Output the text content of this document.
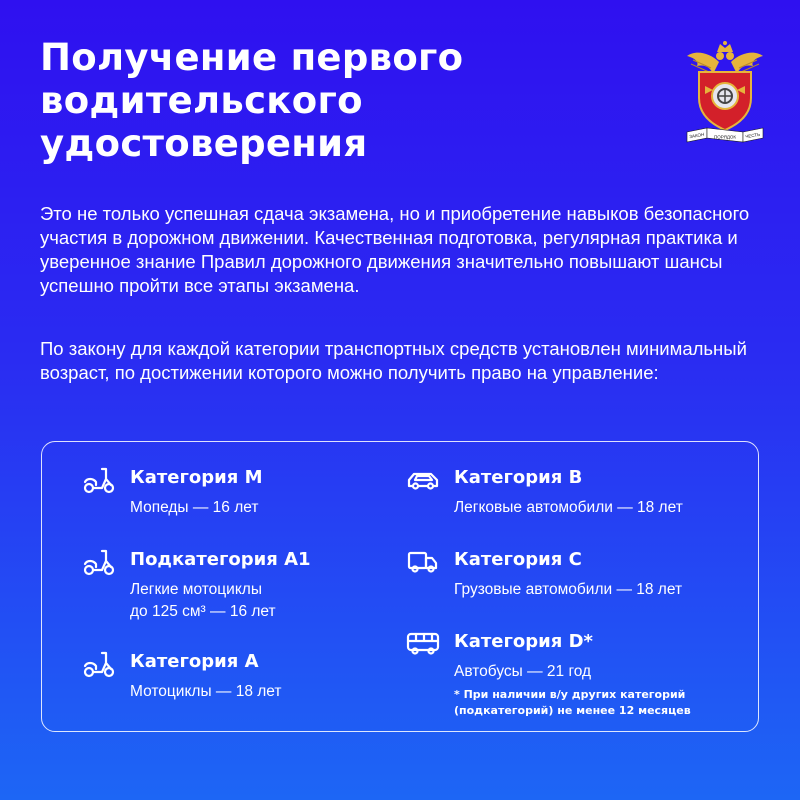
Получение первого
водительского
удостоверения	ЗАКОН ПОРЯДОК ЧЕСТЬ
Это не только успешная сдача экзамена, но и приобретение навыков безопасного участия в дорожном движении. Качественная подготовка, регулярная практика и уверенное знание Правил дорожного движения значительно повышают шансы успешно пройти все этапы экзамена.
По закону для каждой категории транспортных средств установлен минимальный возраст, по достижении которого можно получить право на управление:
Категория M
Мопеды — 16 лет
Подкатегория A1
Легкие мотоциклы
до 125 см³ — 16 лет
Категория A
Мотоциклы — 18 лет
Категория B
Легковые автомобили — 18 лет
Категория C
Грузовые автомобили — 18 лет
Категория D*
Автобусы — 21 год
* При наличии в/у других категорий
(подкатегорий) не менее 12 месяцев
